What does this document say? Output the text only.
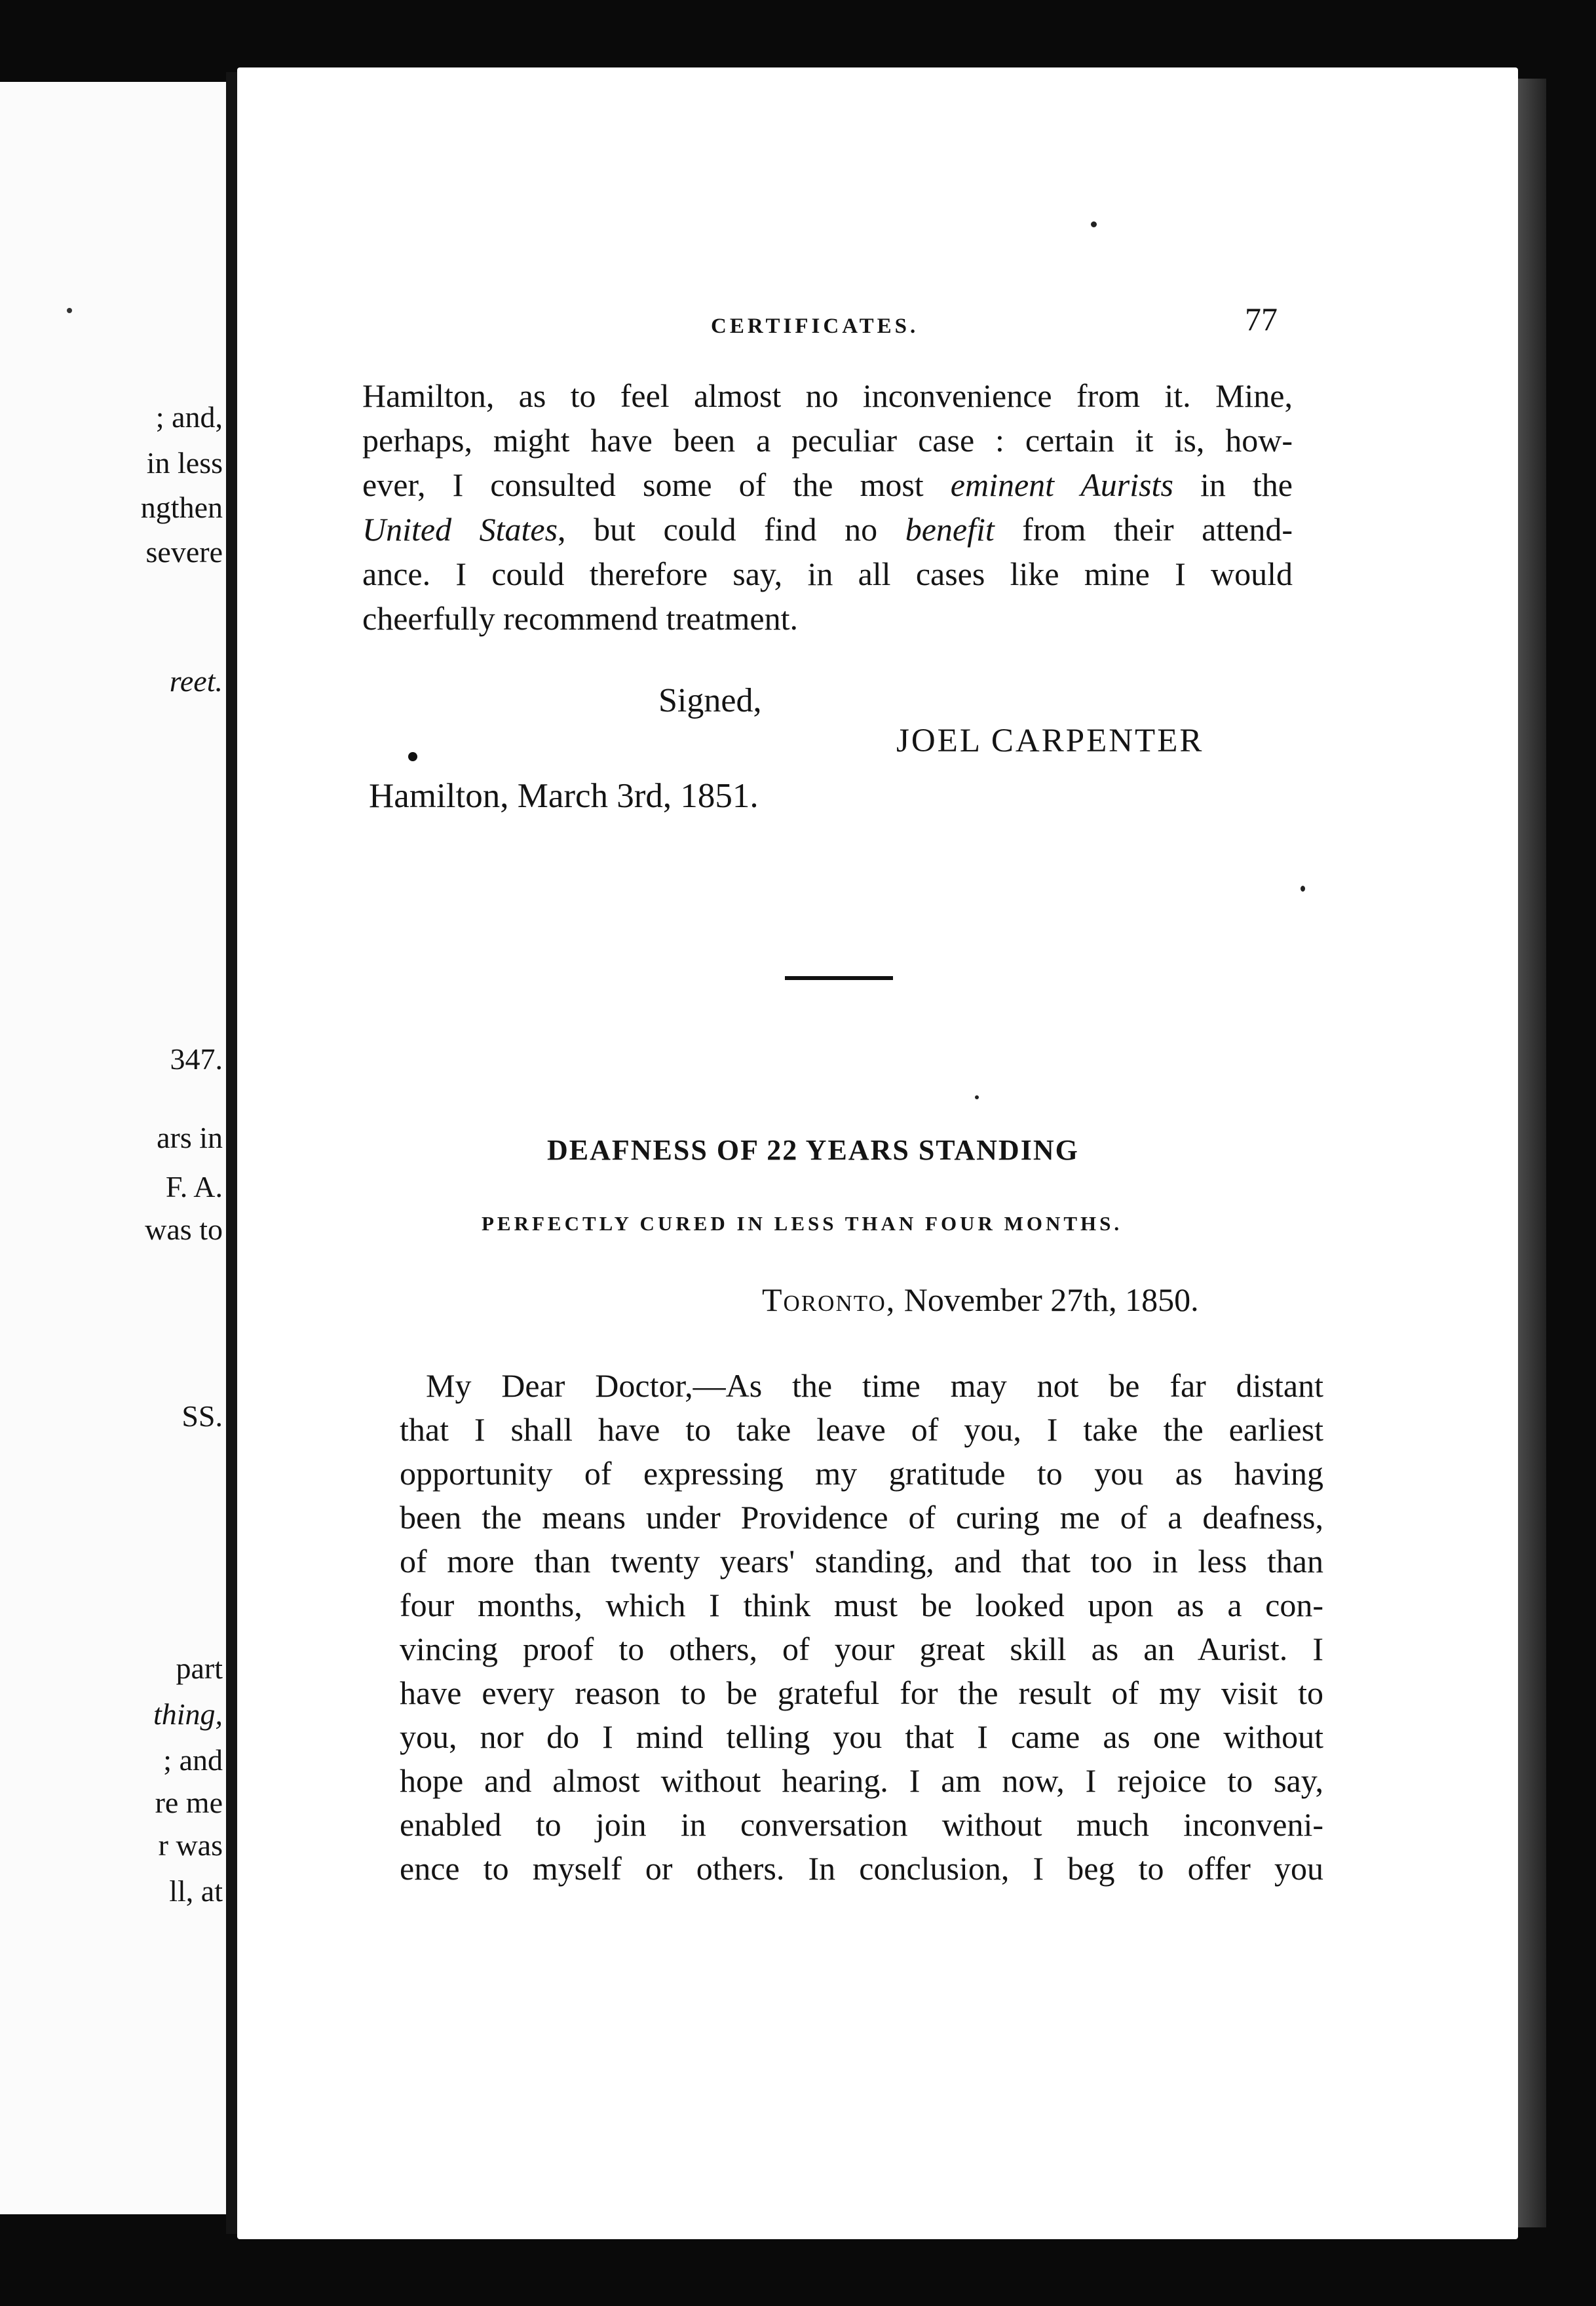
; and,
in less
ngthen
severe
reet.
347.
ars in
F. A.
was to
SS.
part
thing,
; and
re me
r was
ll, at
CERTIFICATES.	77
Hamilton, as to feel almost no inconvenience from it. Mine,
perhaps, might have been a peculiar case : certain it is, how-
ever, I consulted some of the most eminent Aurists in the
United States, but could find no benefit from their attend-
ance. I could therefore say, in all cases like mine I would
cheerfully recommend treatment.
Signed,
JOEL CARPENTER
Hamilton, March 3rd, 1851.
DEAFNESS OF 22 YEARS STANDING
PERFECTLY CURED IN LESS THAN FOUR MONTHS.
Toronto, November 27th, 1850.
My Dear Doctor,—As the time may not be far distant
that I shall have to take leave of you, I take the earliest
opportunity of expressing my gratitude to you as having
been the means under Providence of curing me of a deafness,
of more than twenty years' standing, and that too in less than
four months, which I think must be looked upon as a con-
vincing proof to others, of your great skill as an Aurist. I
have every reason to be grateful for the result of my visit to
you, nor do I mind telling you that I came as one without
hope and almost without hearing. I am now, I rejoice to say,
enabled to join in conversation without much inconveni-
ence to myself or others. In conclusion, I beg to offer you
